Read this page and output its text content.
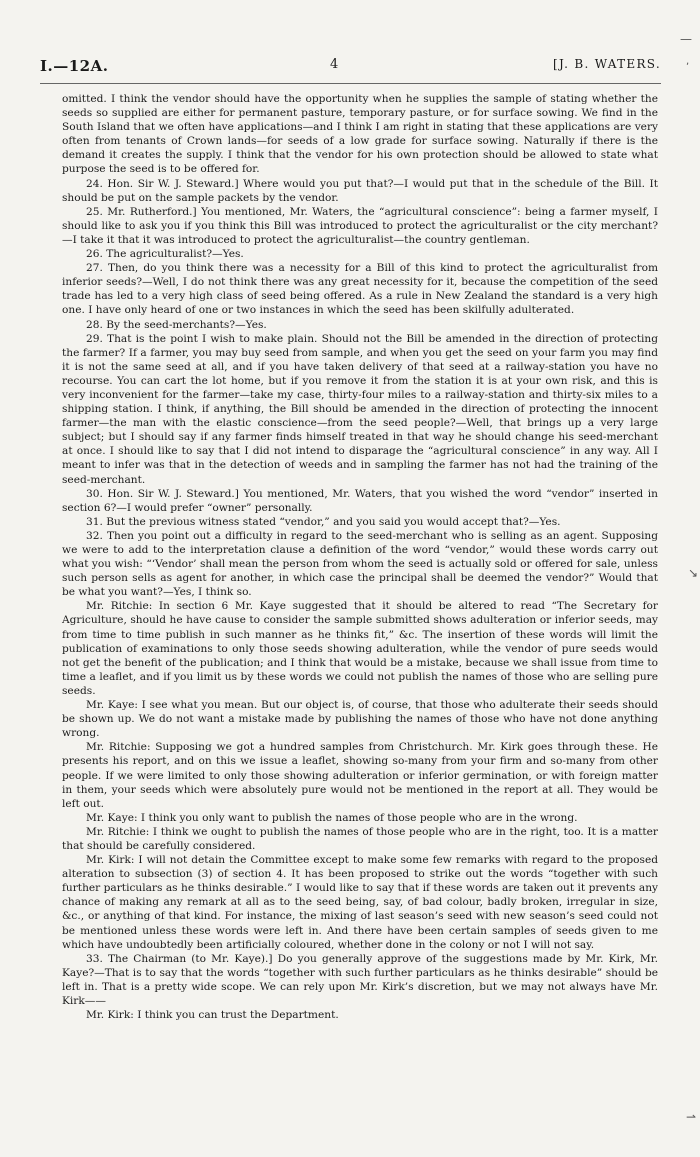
I.—12A.	4	[J. B. WATERS.

omitted. I think the vendor should have the opportunity when he supplies the sample of stating whether the seeds so supplied are either for permanent pasture, temporary pasture, or for surface sowing. We find in the South Island that we often have applications—and I think I am right in stating that these applications are very often from tenants of Crown lands—for seeds of a low grade for surface sowing. Naturally if there is the demand it creates the supply. I think that the vendor for his own protection should be allowed to state what purpose the seed is to be offered for.

24. Hon. Sir W. J. Steward.] Where would you put that?—I would put that in the schedule of the Bill. It should be put on the sample packets by the vendor.

25. Mr. Rutherford.] You mentioned, Mr. Waters, the “agricultural conscience”: being a farmer myself, I should like to ask you if you think this Bill was introduced to protect the agriculturalist or the city merchant?—I take it that it was introduced to protect the agriculturalist—the country gentleman.

26. The agriculturalist?—Yes.

27. Then, do you think there was a necessity for a Bill of this kind to protect the agriculturalist from inferior seeds?—Well, I do not think there was any great necessity for it, because the competition of the seed trade has led to a very high class of seed being offered. As a rule in New Zealand the standard is a very high one. I have only heard of one or two instances in which the seed has been skilfully adulterated.

28. By the seed-merchants?—Yes.

29. That is the point I wish to make plain. Should not the Bill be amended in the direction of protecting the farmer? If a farmer, you may buy seed from sample, and when you get the seed on your farm you may find it is not the same seed at all, and if you have taken delivery of that seed at a railway-station you have no recourse. You can cart the lot home, but if you remove it from the station it is at your own risk, and this is very inconvenient for the farmer—take my case, thirty-four miles to a railway-station and thirty-six miles to a shipping station. I think, if anything, the Bill should be amended in the direction of protecting the innocent farmer—the man with the elastic conscience—from the seed people?—Well, that brings up a very large subject; but I should say if any farmer finds himself treated in that way he should change his seed-merchant at once. I should like to say that I did not intend to disparage the “agricultural conscience” in any way. All I meant to infer was that in the detection of weeds and in sampling the farmer has not had the training of the seed-merchant.

30. Hon. Sir W. J. Steward.] You mentioned, Mr. Waters, that you wished the word “vendor” inserted in section 6?—I would prefer “owner” personally.

31. But the previous witness stated “vendor,” and you said you would accept that?—Yes.

32. Then you point out a difficulty in regard to the seed-merchant who is selling as an agent. Supposing we were to add to the interpretation clause a definition of the word “vendor,” would these words carry out what you wish: “‘Vendor’ shall mean the person from whom the seed is actually sold or offered for sale, unless such person sells as agent for another, in which case the principal shall be deemed the vendor?” Would that be what you want?—Yes, I think so.

Mr. Ritchie: In section 6 Mr. Kaye suggested that it should be altered to read “The Secretary for Agriculture, should he have cause to consider the sample submitted shows adulteration or inferior seeds, may from time to time publish in such manner as he thinks fit,” &c. The insertion of these words will limit the publication of examinations to only those seeds showing adulteration, while the vendor of pure seeds would not get the benefit of the publication; and I think that would be a mistake, because we shall issue from time to time a leaflet, and if you limit us by these words we could not publish the names of those who are selling pure seeds.

Mr. Kaye: I see what you mean. But our object is, of course, that those who adulterate their seeds should be shown up. We do not want a mistake made by publishing the names of those who have not done anything wrong.

Mr. Ritchie: Supposing we got a hundred samples from Christchurch. Mr. Kirk goes through these. He presents his report, and on this we issue a leaflet, showing so-many from your firm and so-many from other people. If we were limited to only those showing adulteration or inferior germination, or with foreign matter in them, your seeds which were absolutely pure would not be mentioned in the report at all. They would be left out.

Mr. Kaye: I think you only want to publish the names of those people who are in the wrong.

Mr. Ritchie: I think we ought to publish the names of those people who are in the right, too. It is a matter that should be carefully considered.

Mr. Kirk: I will not detain the Committee except to make some few remarks with regard to the proposed alteration to subsection (3) of section 4. It has been proposed to strike out the words “together with such further particulars as he thinks desirable.” I would like to say that if these words are taken out it prevents any chance of making any remark at all as to the seed being, say, of bad colour, badly broken, irregular in size, &c., or anything of that kind. For instance, the mixing of last season’s seed with new season’s seed could not be mentioned unless these words were left in. And there have been certain samples of seeds given to me which have undoubtedly been artificially coloured, whether done in the colony or not I will not say.

33. The Chairman (to Mr. Kaye).] Do you generally approve of the suggestions made by Mr. Kirk, Mr. Kaye?—That is to say that the words “together with such further particulars as he thinks desirable” should be left in. That is a pretty wide scope. We can rely upon Mr. Kirk’s discretion, but we may not always have Mr. Kirk——

Mr. Kirk: I think you can trust the Department.

—
,
↘
⇀
